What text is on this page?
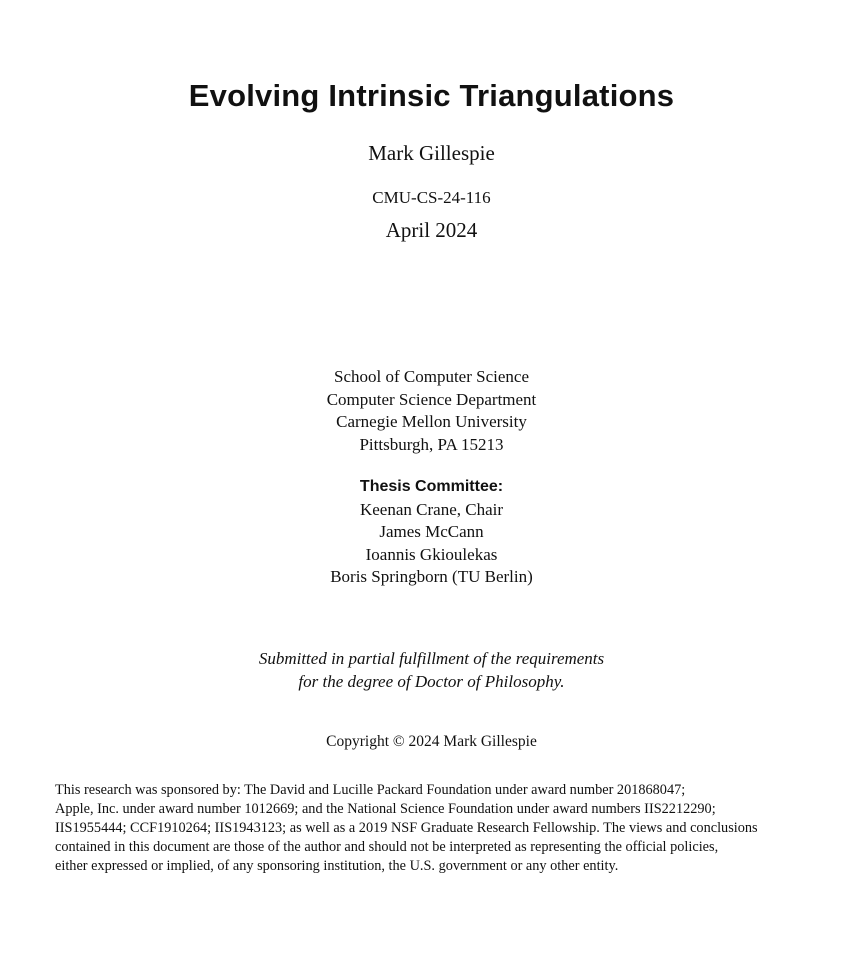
Evolving Intrinsic Triangulations
Mark Gillespie
CMU-CS-24-116
April 2024
School of Computer Science
Computer Science Department
Carnegie Mellon University
Pittsburgh, PA 15213
Thesis Committee:
Keenan Crane, Chair
James McCann
Ioannis Gkioulekas
Boris Springborn (TU Berlin)
Submitted in partial fulfillment of the requirements
for the degree of Doctor of Philosophy.
Copyright © 2024 Mark Gillespie
This research was sponsored by: The David and Lucille Packard Foundation under award number 201868047;
Apple, Inc. under award number 1012669; and the National Science Foundation under award numbers IIS2212290;
IIS1955444; CCF1910264; IIS1943123; as well as a 2019 NSF Graduate Research Fellowship. The views and conclusions
contained in this document are those of the author and should not be interpreted as representing the official policies,
either expressed or implied, of any sponsoring institution, the U.S. government or any other entity.
